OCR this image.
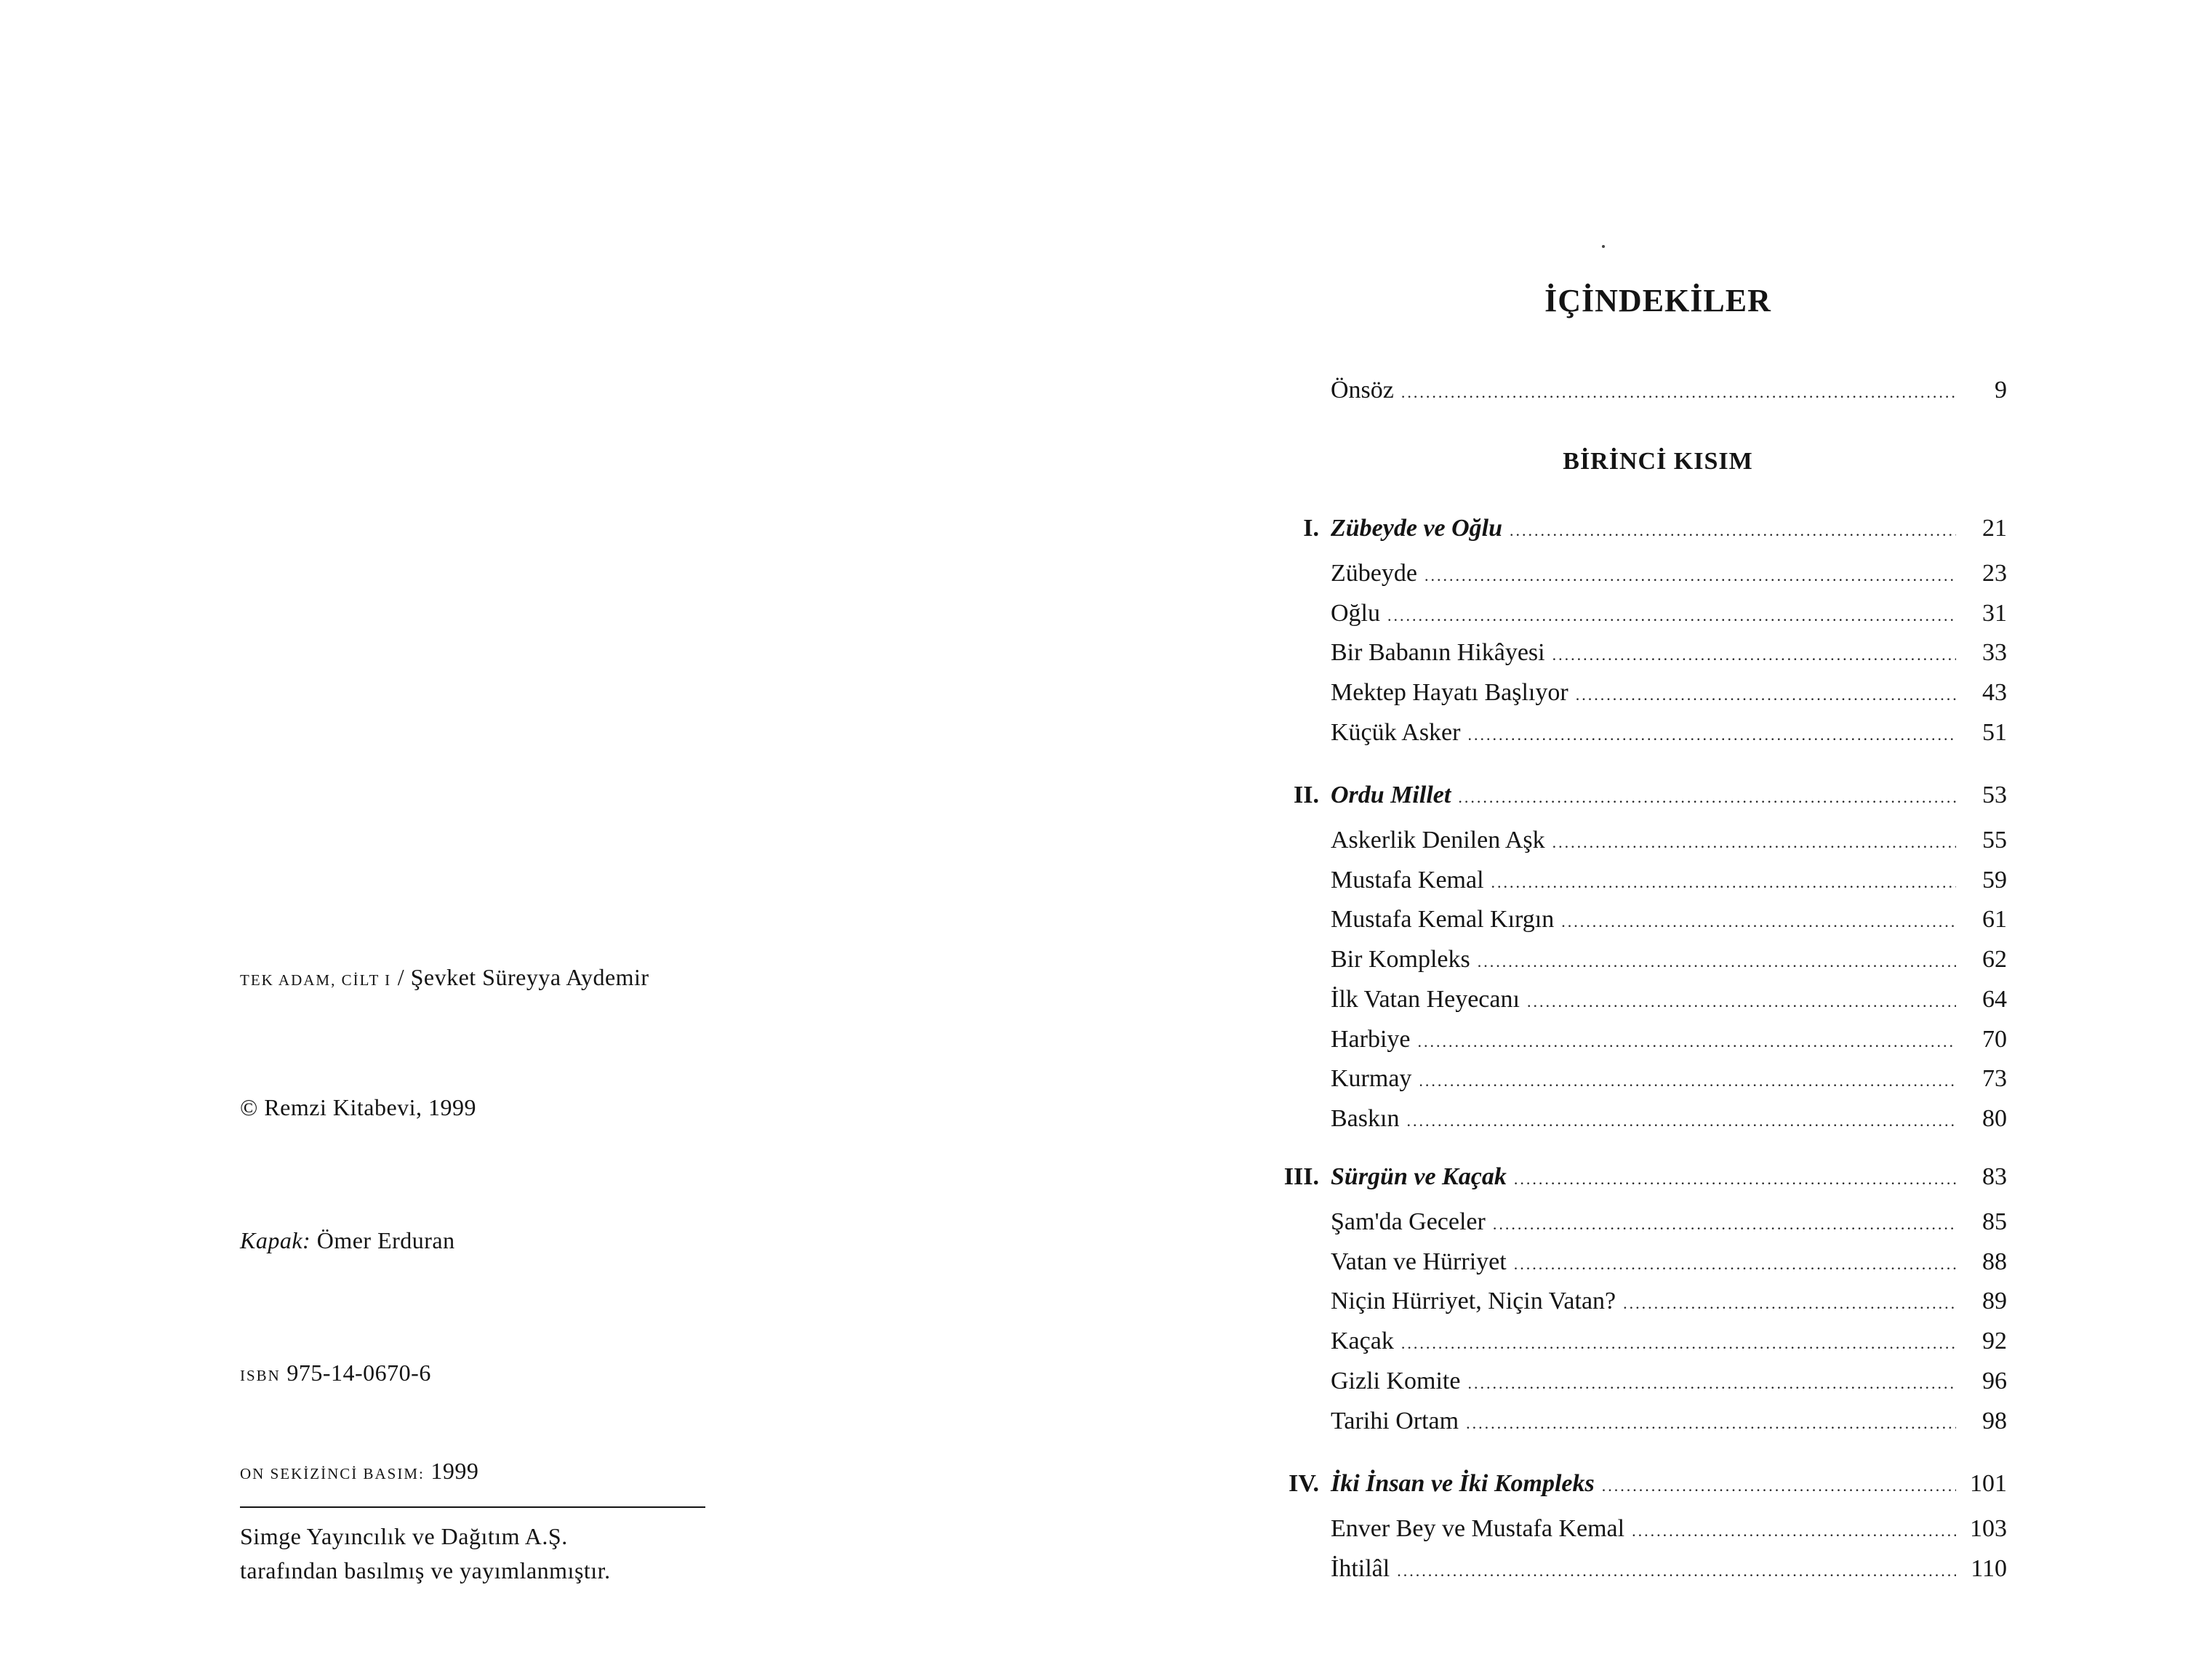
TEK ADAM, CİLT I / Şevket Süreyya Aydemir
© Remzi Kitabevi, 1999
Kapak: Ömer Erduran
ISBN 975-14-0670-6
ON SEKİZİNCİ BASIM: 1999
Simge Yayıncılık ve Dağıtım A.Ş.
tarafından basılmış ve yayımlanmıştır.
İÇİNDEKİLER
Önsöz .....	9
BİRİNCİ KISIM
I. Zübeyde ve Oğlu .....	21
Zübeyde .....	23
Oğlu .....	31
Bir Babanın Hikâyesi .....	33
Mektep Hayatı Başlıyor .....	43
Küçük Asker .....	51
II. Ordu Millet .....	53
Askerlik Denilen Aşk .....	55
Mustafa Kemal .....	59
Mustafa Kemal Kırgın .....	61
Bir Kompleks .....	62
İlk Vatan Heyecanı .....	64
Harbiye .....	70
Kurmay .....	73
Baskın .....	80
III. Sürgün ve Kaçak .....	83
Şam'da Geceler .....	85
Vatan ve Hürriyet .....	88
Niçin Hürriyet, Niçin Vatan? .....	89
Kaçak .....	92
Gizli Komite .....	96
Tarihi Ortam .....	98
IV. İki İnsan ve İki Kompleks .....	101
Enver Bey ve Mustafa Kemal .....	103
İhtilâl .....	110
